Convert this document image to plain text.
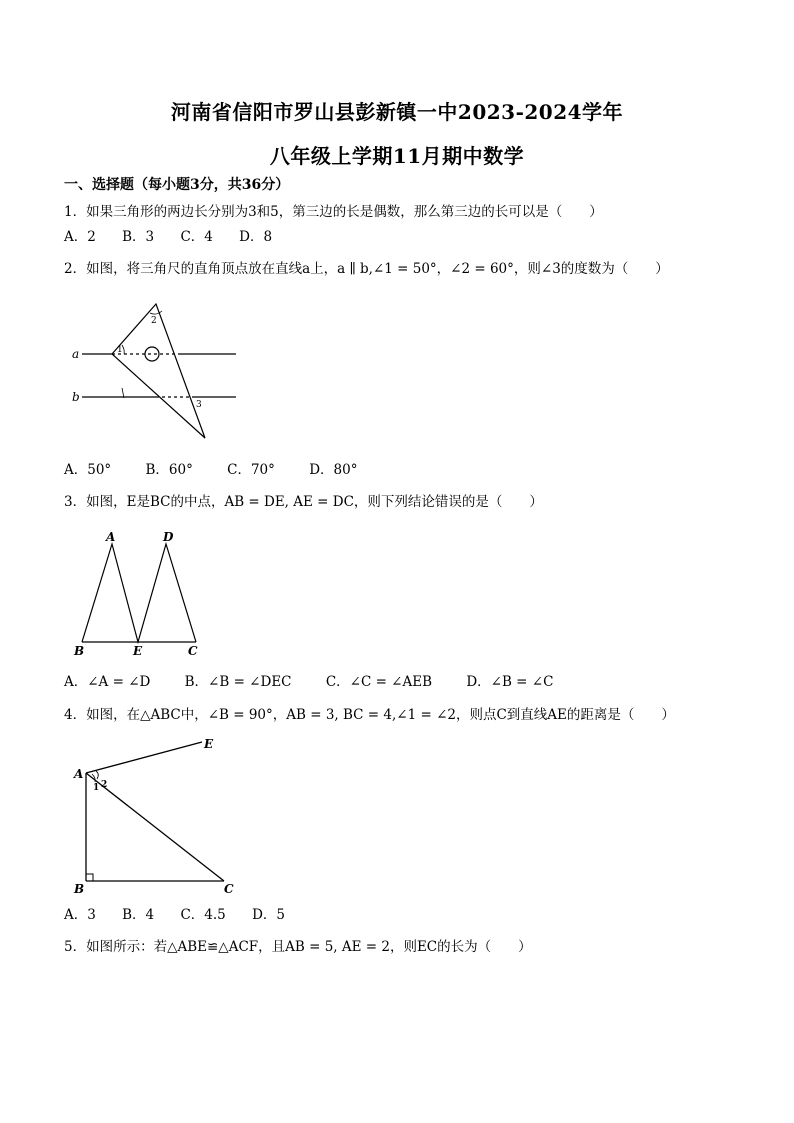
河南省信阳市罗山县彭新镇一中2023-2024学年
八年级上学期11月期中数学
一、选择题（每小题3分，共36分）
1．如果三角形的两边长分别为3和5，第三边的长是偶数，那么第三边的长可以是（　　）
A．2 B．3 C．4 D．8
2．如图，将三角尺的直角顶点放在直线a上，a ∥ b,∠1 = 50°，∠2 = 60°，则∠3的度数为（　　）
a
b
1
2
3
A	D
B	E	C
A
E
B	C
1 2
A．50°	B．60°	C．70°	D．80°
3．如图，E是BC的中点，AB = DE, AE = DC，则下列结论错误的是（　　）
A．∠A = ∠D	B．∠B = ∠DEC	C．∠C = ∠AEB	D．∠B = ∠C
4．如图，在△ABC中，∠B = 90°，AB = 3, BC = 4,∠1 = ∠2，则点C到直线AE的距离是（　　）
A．3 B．4 C．4.5 D．5
5．如图所示：若△ABE≌△ACF，且AB = 5, AE = 2，则EC的长为（　　）
